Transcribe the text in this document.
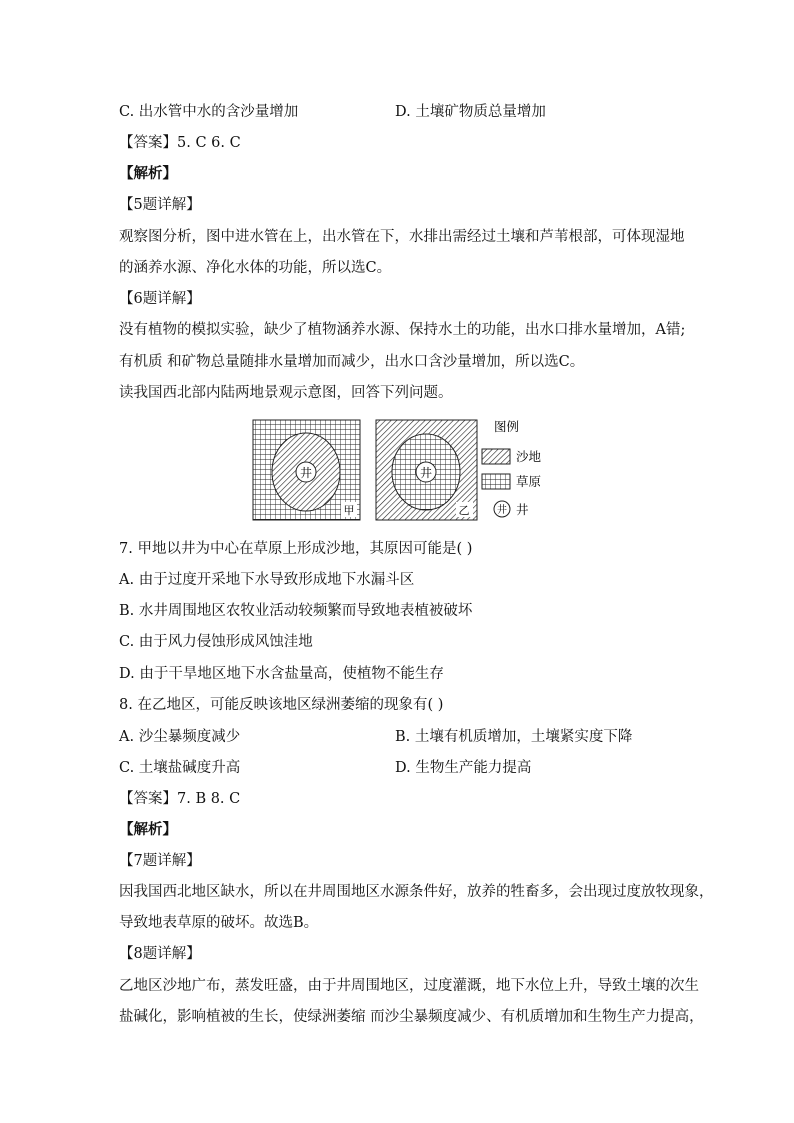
C. 出水管中水的含沙量增加	D. 土壤矿物质总量增加
【答案】5. C 6. C
【解析】
【5题详解】
观察图分析，图中进水管在上，出水管在下，水排出需经过土壤和芦苇根部，可体现湿地
的涵养水源、净化水体的功能，所以选C。
【6题详解】
没有植物的模拟实验，缺少了植物涵养水源、保持水土的功能，出水口排水量增加，A错;
有机质 和矿物总量随排水量增加而减少，出水口含沙量增加，所以选C。
读我国西北部内陆两地景观示意图，回答下列问题。
井
甲
井
乙
图例
沙地
草原
井 井
7. 甲地以井为中心在草原上形成沙地，其原因可能是( )
A. 由于过度开采地下水导致形成地下水漏斗区
B. 水井周围地区农牧业活动较频繁而导致地表植被破坏
C. 由于风力侵蚀形成风蚀洼地
D. 由于干旱地区地下水含盐量高，使植物不能生存
8. 在乙地区，可能反映该地区绿洲萎缩的现象有( )
A. 沙尘暴频度减少	B. 土壤有机质增加，土壤紧实度下降
C. 土壤盐碱度升高	D. 生物生产能力提高
【答案】7. B 8. C
【解析】
【7题详解】
因我国西北地区缺水，所以在井周围地区水源条件好，放养的牲畜多，会出现过度放牧现象，
导致地表草原的破坏。故选B。
【8题详解】
乙地区沙地广布，蒸发旺盛，由于井周围地区，过度灌溉，地下水位上升，导致土壤的次生
盐碱化，影响植被的生长，使绿洲萎缩 而沙尘暴频度减少、有机质增加和生物生产力提高，
